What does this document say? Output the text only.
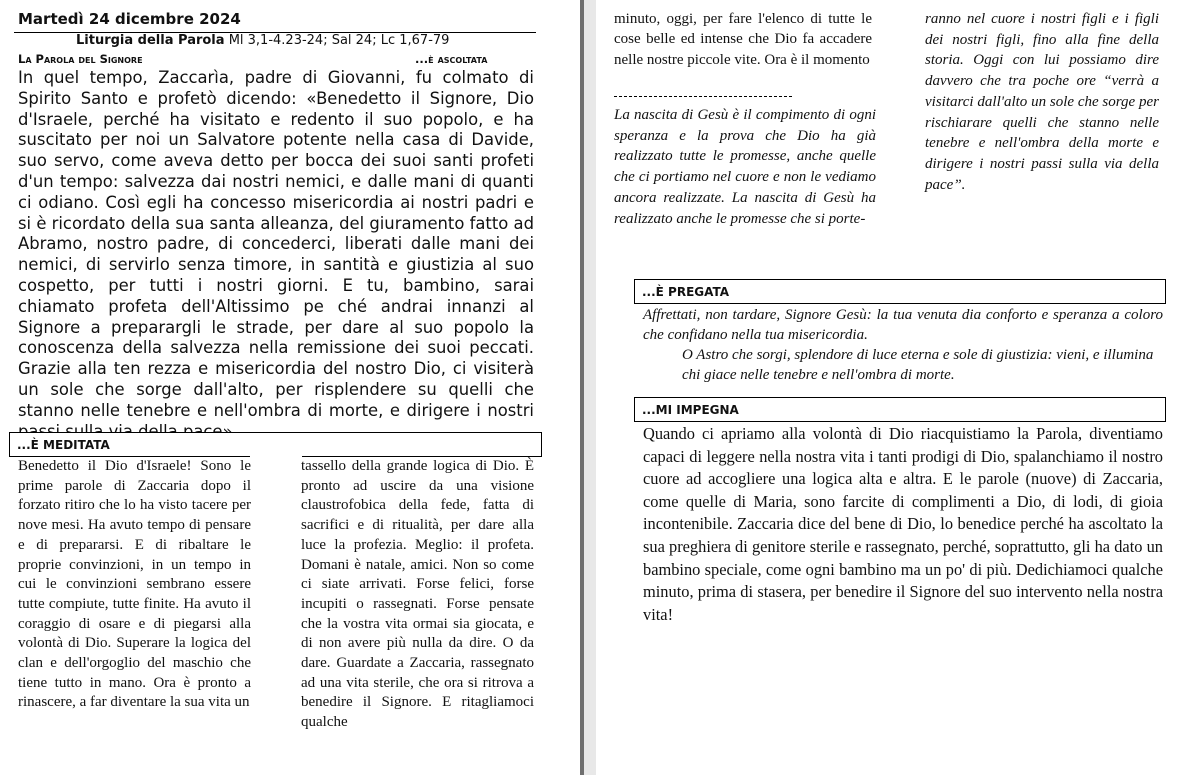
Martedì 24 dicembre 2024
Liturgia della Parola Ml 3,1-4.23-24; Sal 24; Lc 1,67-79
La Parola del Signore	...è ascoltata

In quel tempo, Zaccarìa, padre di Giovanni, fu colmato di Spirito Santo e profetò dicendo: «Benedetto il Signore, Dio d'Israele, perché ha visitato e redento il suo popolo, e ha suscitato per noi un Salvatore potente nella casa di Davide, suo servo, come aveva detto per bocca dei suoi santi profeti d'un tempo: salvezza dai nostri nemici, e dalle mani di quanti ci odiano. Così egli ha concesso misericordia ai nostri padri e si è ricordato della sua santa alleanza, del giuramento fatto ad Abramo, nostro padre, di concederci, liberati dalle mani dei nemici, di servirlo senza timore, in santità e giustizia al suo cospetto, per tutti i nostri giorni. E tu, bambino, sarai chiamato profeta dell'Altissimo pe ché andrai innanzi al Signore a preparargli le strade, per dare al suo popolo la conoscenza della salvezza nella remissione dei suoi peccati. Grazie alla ten rezza e misericordia del nostro Dio, ci visiterà un sole che sorge dall'alto, per risplendere su quelli che stanno nelle tenebre e nell'ombra di morte, e dirigere i nostri

...È MEDITATA

Benedetto il Dio d'Israele! Sono le prime parole di Zaccaria dopo il forzato ritiro che lo ha visto tacere per nove mesi. Ha avuto tempo di pensare e di prepararsi. E di ribaltare le proprie convinzioni, in un tempo in cui le convinzioni sembrano essere tutte compiute, tutte finite. Ha avuto il coraggio di osare e di piegarsi alla volontà di Dio. Superare la logica del clan e dell'orgoglio del maschio che tiene tutto in mano. Ora è pronto a rinascere, a far diventare la sua vita un

tassello della grande logica di Dio. È pronto ad uscire da una visione claustrofobica della fede, fatta di sacrifici e di ritualità, per dare alla luce la profezia. Meglio: il profeta. Domani è natale, amici. Non so come ci siate arrivati. Forse felici, forse incupiti o rassegnati. Forse pensate che la vostra vita ormai sia giocata, e di non avere più nulla da dire. O da dare. Guardate a Zaccaria, rassegnato ad una vita sterile, che ora si ritrova a benedire il Signore. E ritagliamoci qualche

minuto, oggi, per fare l'elenco di tutte le cose belle ed intense che Dio fa accadere nelle nostre piccole vite. Ora è il momento

La nascita di Gesù è il compimento di ogni speranza e la prova che Dio ha già realizzato tutte le promesse, anche quelle che ci portiamo nel cuore e non le vediamo ancora realizzate. La nascita di Gesù ha realizzato anche le promesse che si porte-

ranno nel cuore i nostri figli e i figli dei nostri figli, fino alla fine della storia. Oggi con lui possiamo dire davvero che tra poche ore “verrà a visitarci dall'alto un sole che sorge per rischiarare quelli che stanno nelle tenebre e nell'ombra della morte e dirigere i nostri passi sulla via della pace”.

...È PREGATA

Affrettati, non tardare, Signore Gesù: la tua venuta dia conforto e speranza a coloro che confidano nella tua misericordia.

O Astro che sorgi, splendore di luce eterna e sole di giustizia: vieni, e illumina chi giace nelle tenebre e nell'ombra di morte.

...MI IMPEGNA

Quando ci apriamo alla volontà di Dio riacquistiamo la Parola, diventiamo capaci di leggere nella nostra vita i tanti prodigi di Dio, spalanchiamo il nostro cuore ad accogliere una logica alta e altra. E le parole (nuove) di Zaccaria, come quelle di Maria, sono farcite di complimenti a Dio, di lodi, di gioia incontenibile. Zaccaria dice del bene di Dio, lo benedice perché ha ascoltato la sua preghiera di genitore sterile e rassegnato, perché, soprattutto, gli ha dato un bambino speciale, come ogni bambino ma un po' di più. Dedichiamoci qualche minuto, prima di stasera, per benedire il Signore del suo intervento nella nostra vita!
